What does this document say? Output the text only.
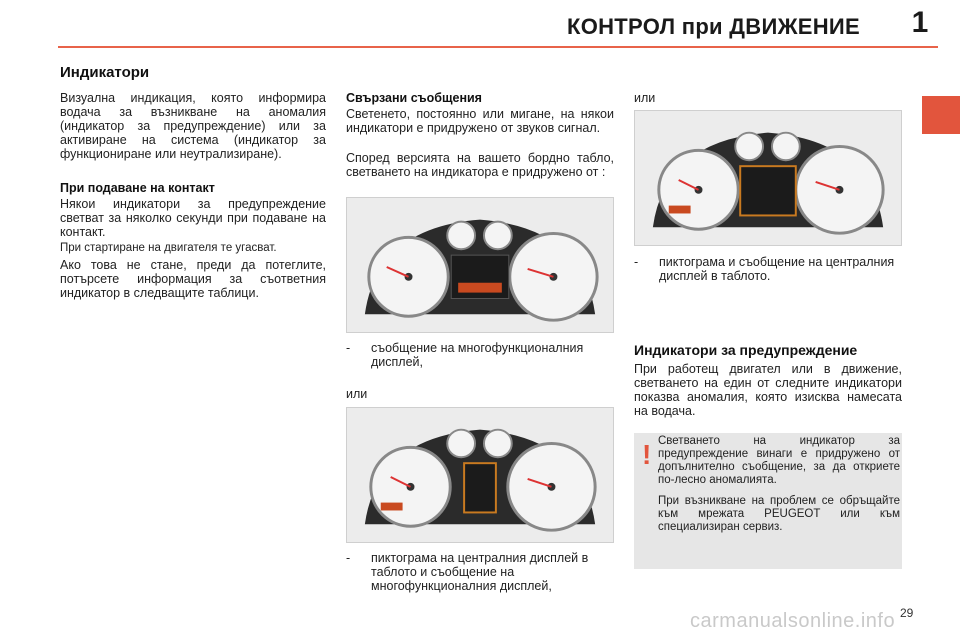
КОНТРОЛ при ДВИЖЕНИЕ	1
Индикатори
Визуална индикация, която информира водача за възникване на аномалия (индикатор за предупреждение) или за активиране на система (индикатор за функциониране или неутрализиране).
При подаване на контакт
Някои индикатори за предупреждение светват за няколко секунди при подаване на контакт.
При стартиране на двигателя те угасват.
Ако това не стане, преди да потеглите, потърсете информация за съответния индикатор в следващите таблици.
Свързани съобщения
Светенето, постоянно или мигане, на някои индикатори е придружено от звуков сигнал.
Според версията на вашето бордно табло, светването на индикатора е придружено от :
-	съобщение на многофункционалния дисплей,
или
-	пиктограма на централния дисплей в таблото и съобщение на многофункционалния дисплей,
или
-	пиктограма и съобщение на централния дисплей в таблото.
Индикатори за предупреждение
При работещ двигател или в движение, светването на един от следните индикатори показва аномалия, която изисква намесата на водача.
! Светването на индикатор за предупреждение винаги е придружено от допълнително съобщение, за да откриете по-лесно аномалията.

При възникване на проблем се обръщайте към мрежата PEUGEOT или към специализиран сервиз.

29
carmanualsonline.info
